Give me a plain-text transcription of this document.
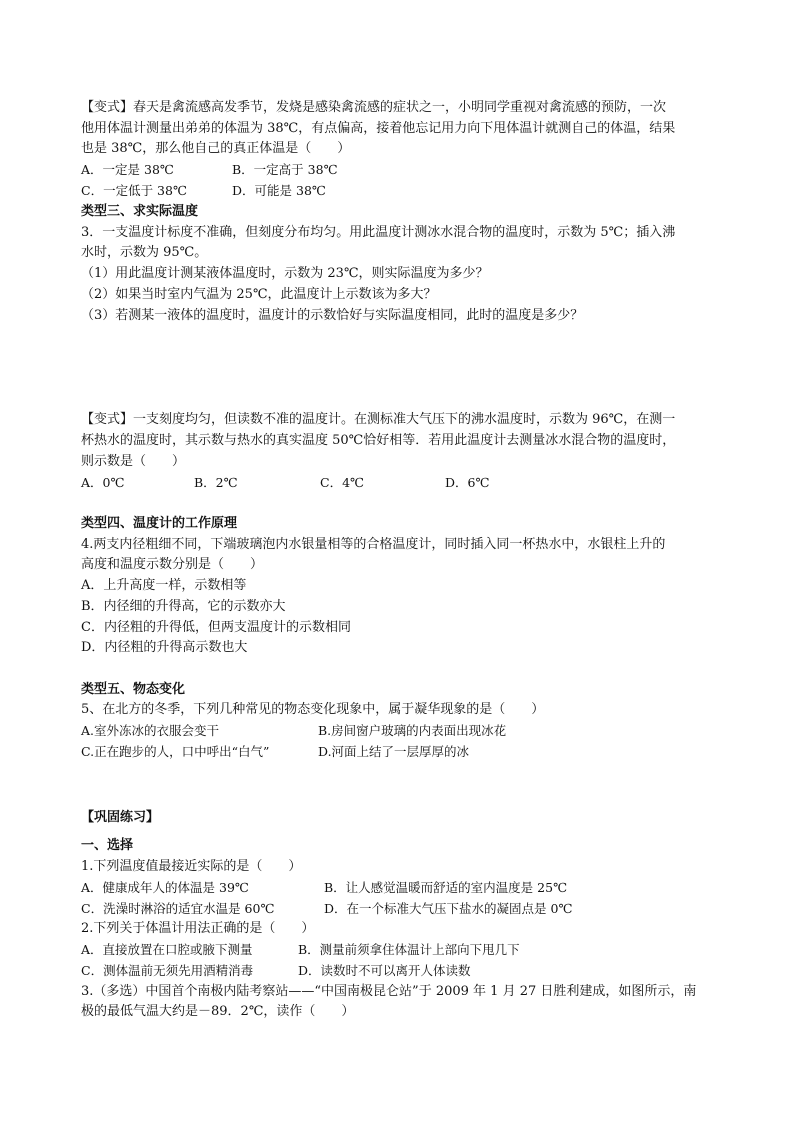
【变式】春天是禽流感高发季节，发烧是感染禽流感的症状之一，小明同学重视对禽流感的预防，一次
他用体温计测量出弟弟的体温为 38℃，有点偏高，接着他忘记用力向下甩体温计就测自己的体温，结果
也是 38℃，那么他自己的真正体温是（　　）
A．一定是 38℃	B．一定高于 38℃
C．一定低于 38℃	D．可能是 38℃
类型三、求实际温度
3．一支温度计标度不准确，但刻度分布均匀。用此温度计测冰水混合物的温度时，示数为 5℃；插入沸
水时，示数为 95℃。
（1）用此温度计测某液体温度时，示数为 23℃，则实际温度为多少？
（2）如果当时室内气温为 25℃，此温度计上示数该为多大？
（3）若测某一液体的温度时，温度计的示数恰好与实际温度相同，此时的温度是多少？
【变式】一支刻度均匀，但读数不准的温度计。在测标准大气压下的沸水温度时，示数为 96℃，在测一
杯热水的温度时，其示数与热水的真实温度 50℃恰好相等．若用此温度计去测量冰水混合物的温度时，
则示数是（　　）
A．0℃	B．2℃	C．4℃	D．6℃
类型四、温度计的工作原理
4.两支内径粗细不同，下端玻璃泡内水银量相等的合格温度计，同时插入同一杯热水中，水银柱上升的
高度和温度示数分别是（　　）
A．上升高度一样，示数相等
B．内径细的升得高，它的示数亦大
C．内径粗的升得低，但两支温度计的示数相同
D．内径粗的升得高示数也大
类型五、物态变化
5、在北方的冬季，下列几种常见的物态变化现象中，属于凝华现象的是（　　）
A.室外冻冰的衣服会变干	B.房间窗户玻璃的内表面出现冰花
C.正在跑步的人，口中呼出“白气”	D.河面上结了一层厚厚的冰
【巩固练习】
一、选择
1.下列温度值最接近实际的是（　　）
A．健康成年人的体温是 39℃	B．让人感觉温暖而舒适的室内温度是 25℃
C．洗澡时淋浴的适宜水温是 60℃	D．在一个标准大气压下盐水的凝固点是 0℃
2.下列关于体温计用法正确的是（　　）
A．直接放置在口腔或腋下测量	B．测量前须拿住体温计上部向下甩几下
C．测体温前无须先用酒精消毒	D．读数时不可以离开人体读数
3.（多选）中国首个南极内陆考察站——“中国南极昆仑站”于 2009 年 1 月 27 日胜利建成，如图所示，南
极的最低气温大约是－89．2℃，读作（　　）
